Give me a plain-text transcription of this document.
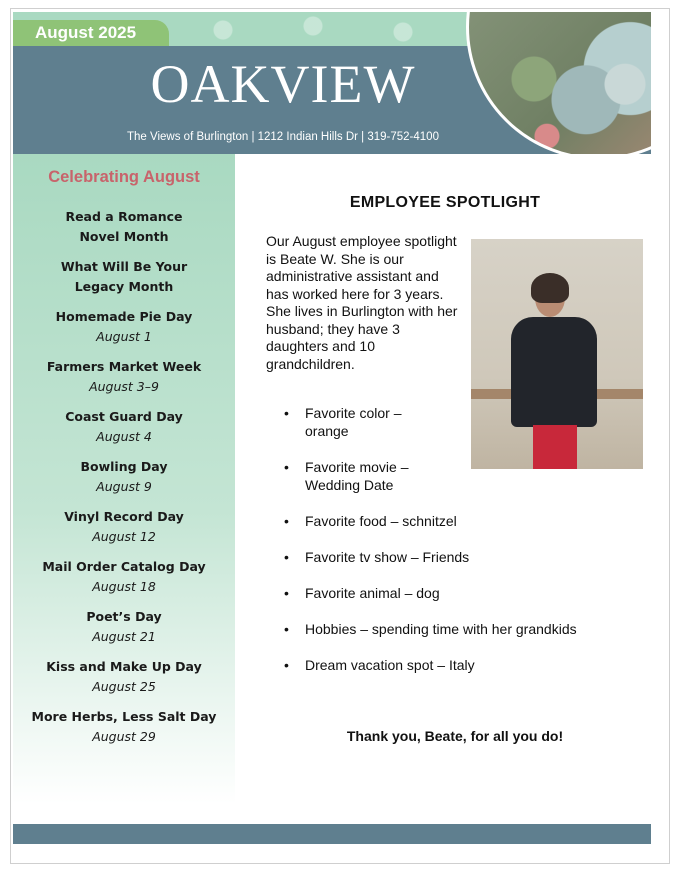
August 2025
OAKVIEW
The Views of Burlington | 1212 Indian Hills Dr | 319-752-4100
Celebrating August
Read a Romance Novel Month
What Will Be Your Legacy Month
Homemade Pie Day
August 1
Farmers Market Week
August 3–9
Coast Guard Day
August 4
Bowling Day
August 9
Vinyl Record Day
August 12
Mail Order Catalog Day
August 18
Poet’s Day
August 21
Kiss and Make Up Day
August 25
More Herbs, Less Salt Day
August 29
EMPLOYEE SPOTLIGHT
Our August employee spotlight is Beate W. She is our administrative assistant and has worked here for 3 years. She lives in Burlington with her husband; they have 3 daughters and 10 grandchildren.
• Favorite color – orange
• Favorite movie – Wedding Date
• Favorite food – schnitzel
• Favorite tv show – Friends
• Favorite animal – dog
• Hobbies – spending time with her grandkids
• Dream vacation spot – Italy
Thank you, Beate, for all you do!
